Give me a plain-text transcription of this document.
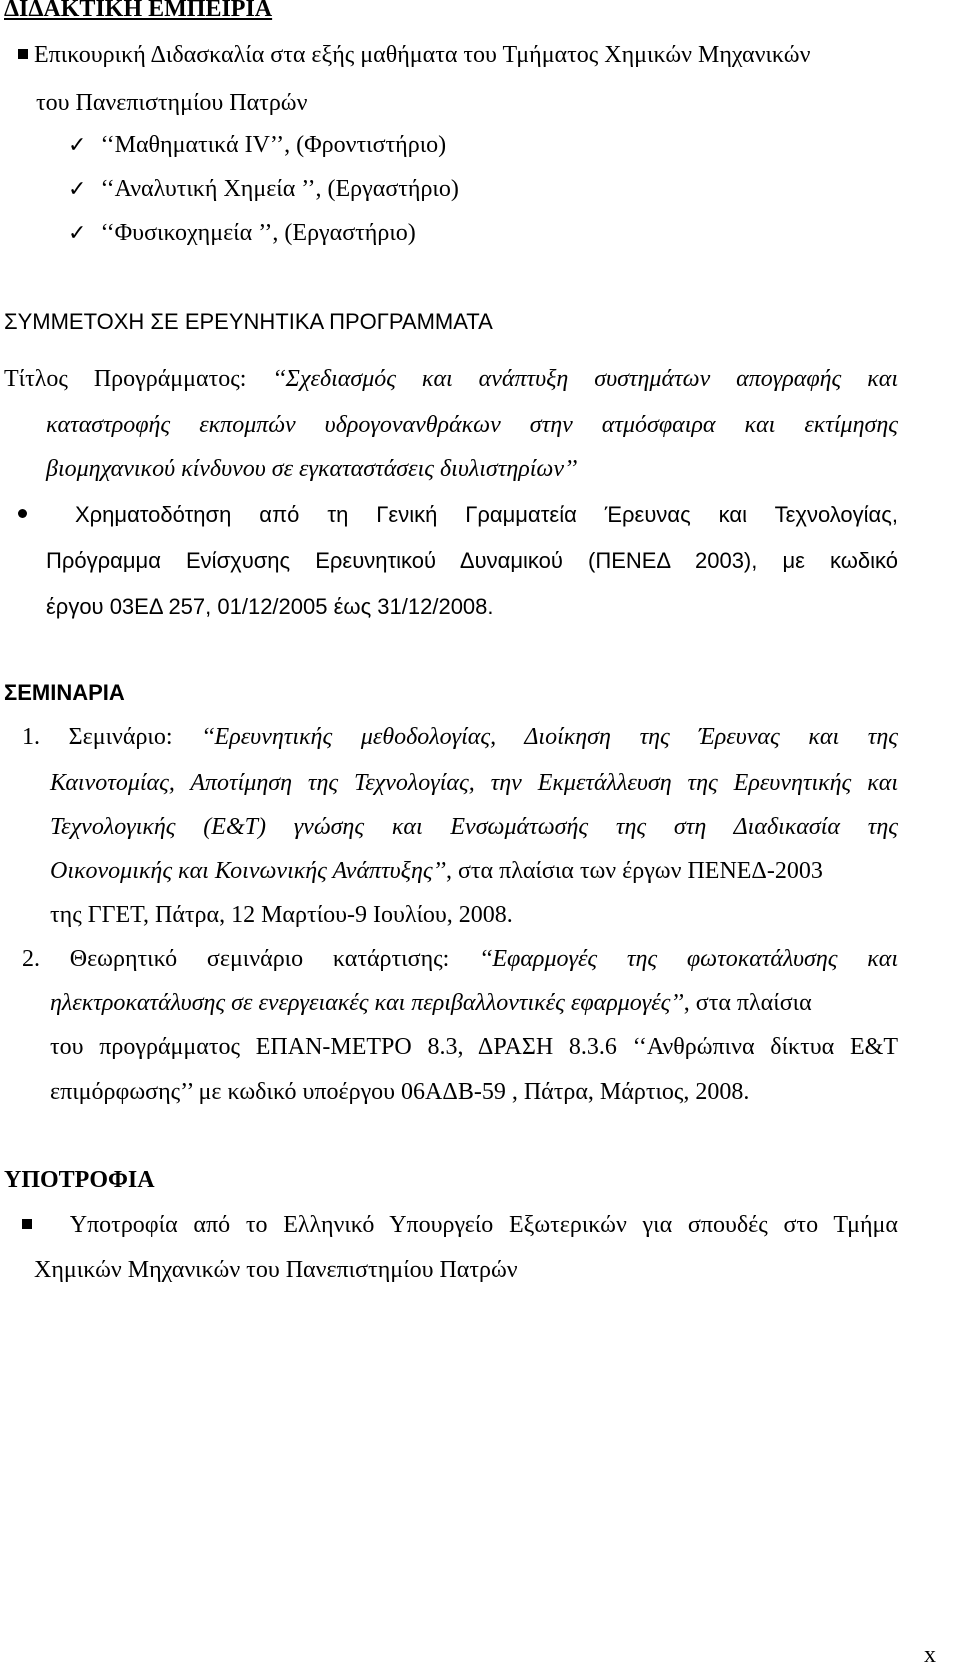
ΔΙΔΑΚΤΙΚΗ ΕΜΠΕΙΡΙΑ
Επικουρική Διδασκαλία στα εξής μαθήματα του Τμήματος Χημικών Μηχανικών
του Πανεπιστημίου Πατρών
✓ ‘‘Μαθηματικά IV’’, (Φροντιστήριο)
✓ ‘‘Αναλυτική Χημεία ’’, (Εργαστήριο)
✓ ‘‘Φυσικοχημεία ’’, (Εργαστήριο)
ΣΥΜΜΕΤΟΧΗ ΣΕ ΕΡΕΥΝΗΤΙΚΑ ΠΡΟΓΡΑΜΜΑΤΑ
Τίτλος Προγράμματος: ‘‘Σχεδιασμός και ανάπτυξη συστημάτων απογραφής και
καταστροφής εκπομπών υδρογονανθράκων στην ατμόσφαιρα και εκτίμησης
βιομηχανικού κίνδυνου σε εγκαταστάσεις διυλιστηρίων’’
Χρηματοδότηση από τη Γενική Γραμματεία Έρευνας και Τεχνολογίας,
Πρόγραμμα Ενίσχυσης Ερευνητικού Δυναμικού (ΠΕΝΕΔ 2003), με κωδικό
έργου 03ΕΔ 257, 01/12/2005 έως 31/12/2008.
ΣΕΜΙΝΑΡΙΑ
1. Σεμινάριο: ‘‘Ερευνητικής μεθοδολογίας, Διοίκηση της Έρευνας και της
Καινοτομίας, Αποτίμηση της Τεχνολογίας, την Εκμετάλλευση της Ερευνητικής και
Τεχνολογικής (Ε&Τ) γνώσης και Ενσωμάτωσής της στη Διαδικασία της
Οικονομικής και Κοινωνικής Ανάπτυξης’’, στα πλαίσια των έργων ΠΕΝΕΔ-2003
της ΓΓΕΤ, Πάτρα, 12 Μαρτίου-9 Ιουλίου, 2008.
2. Θεωρητικό σεμινάριο κατάρτισης: ‘‘Εφαρμογές της φωτοκατάλυσης και
ηλεκτροκατάλυσης σε ενεργειακές και περιβαλλοντικές εφαρμογές’’, στα πλαίσια
του προγράμματος ΕΠΑΝ-ΜΕΤΡΟ 8.3, ΔΡΑΣΗ 8.3.6 ‘‘Ανθρώπινα δίκτυα Ε&Τ
επιμόρφωσης’’ με κωδικό υποέργου 06ΑΔΒ-59 , Πάτρα, Μάρτιος, 2008.
ΥΠΟΤΡΟΦΙΑ
Υποτροφία από το Ελληνικό Υπουργείο Εξωτερικών για σπουδές στο Τμήμα
Χημικών Μηχανικών του Πανεπιστημίου Πατρών
x
